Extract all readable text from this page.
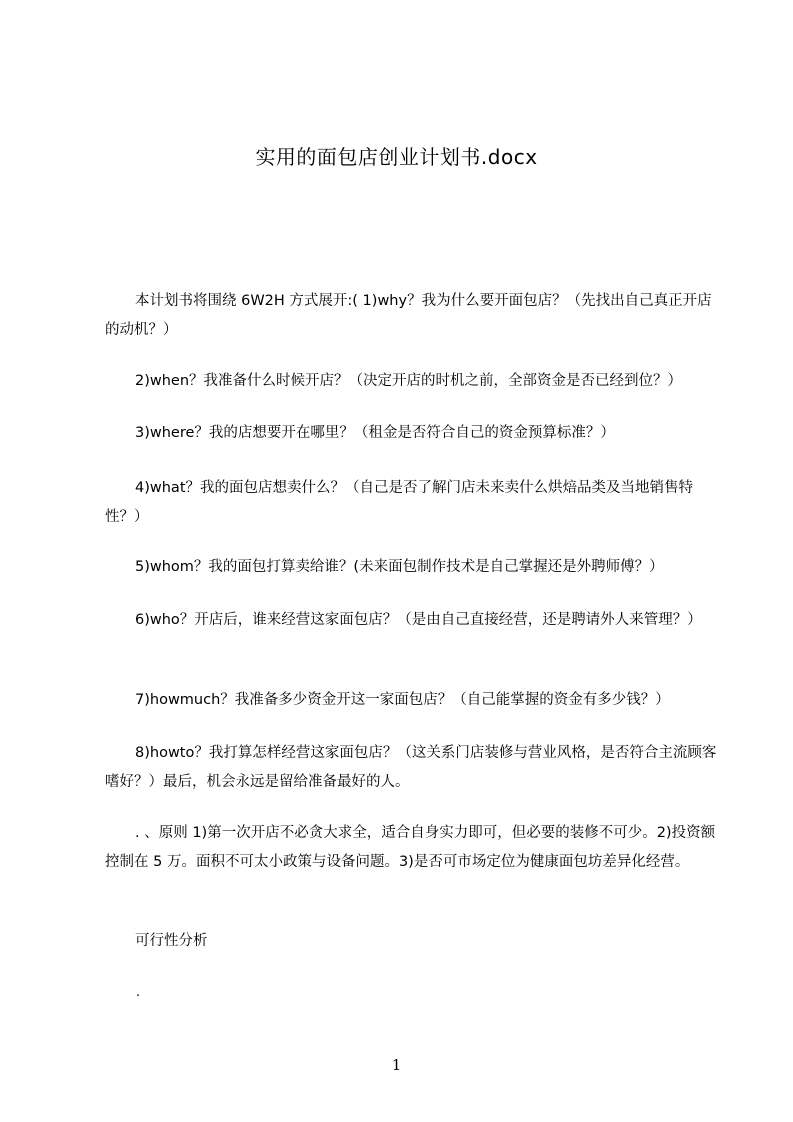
实用的面包店创业计划书.docx

本计划书将围绕 6W2H 方式展开:( 1)why？我为什么要开面包店？（先找出自己真正开店的动机？）

2)when？我准备什么时候开店？（决定开店的时机之前，全部资金是否已经到位？）

3)where？我的店想要开在哪里？（租金是否符合自己的资金预算标准？）

4)what？我的面包店想卖什么？（自己是否了解门店未来卖什么烘焙品类及当地销售特性？）

5)whom？我的面包打算卖给谁？(未来面包制作技术是自己掌握还是外聘师傅？）

6)who？开店后，谁来经营这家面包店？（是由自己直接经营，还是聘请外人来管理？）

7)howmuch？我准备多少资金开这一家面包店？（自己能掌握的资金有多少钱？）

8)howto？我打算怎样经营这家面包店？（这关系门店装修与营业风格，是否符合主流顾客嗜好？）最后，机会永远是留给准备最好的人。

. 、原则 1)第一次开店不必贪大求全，适合自身实力即可，但必要的装修不可少。2)投资额控制在 5 万。面积不可太小政策与设备问题。3)是否可市场定位为健康面包坊差异化经营。

可行性分析

.
1
